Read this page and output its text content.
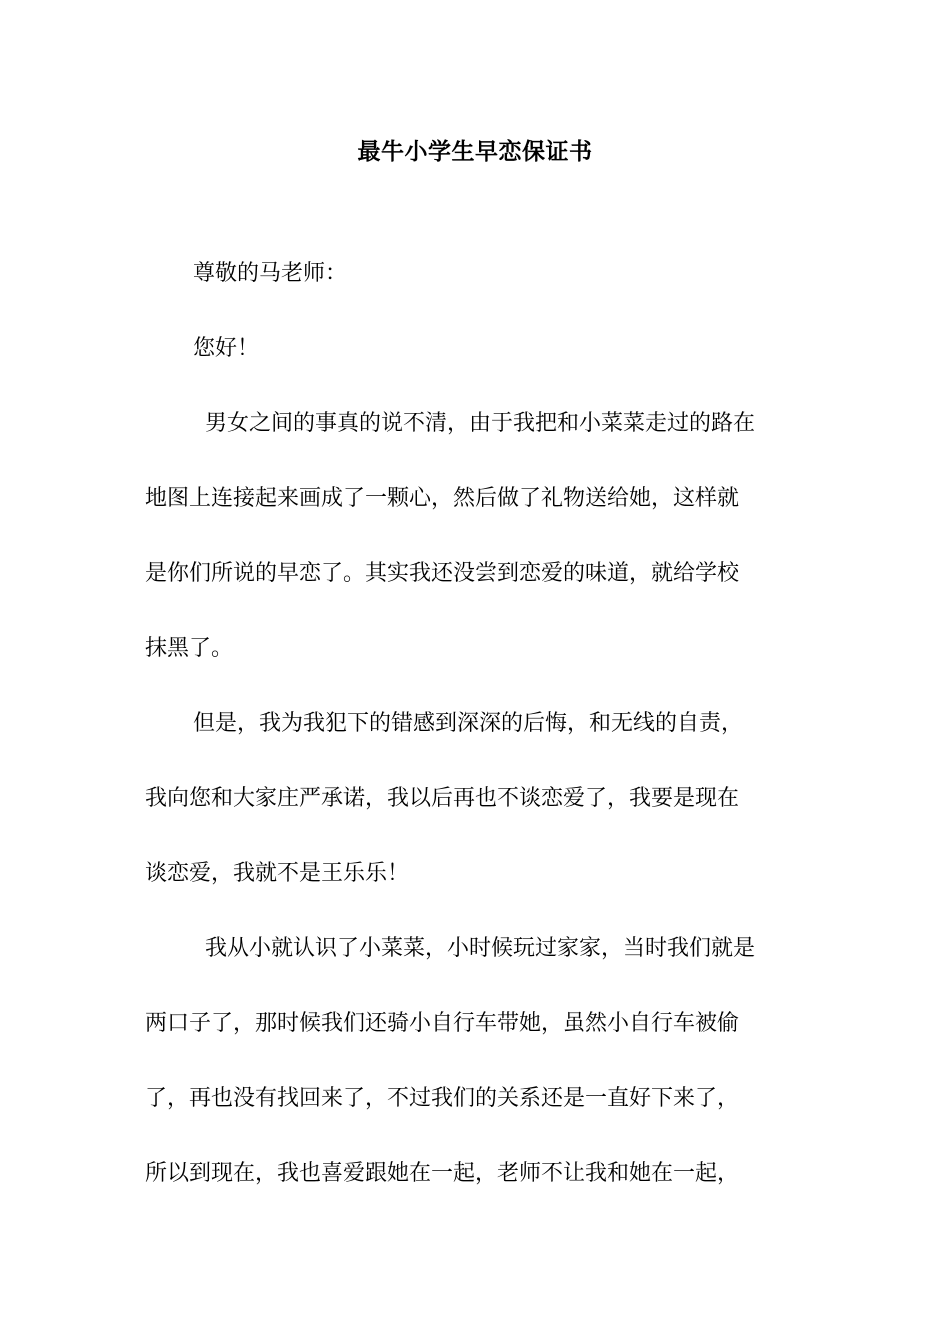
最牛小学生早恋保证书
尊敬的马老师：
您好！
男女之间的事真的说不清，由于我把和小菜菜走过的路在
地图上连接起来画成了一颗心，然后做了礼物送给她，这样就
是你们所说的早恋了。其实我还没尝到恋爱的味道，就给学校
抹黑了。
但是，我为我犯下的错感到深深的后悔，和无线的自责，
我向您和大家庄严承诺，我以后再也不谈恋爱了，我要是现在
谈恋爱，我就不是王乐乐！
我从小就认识了小菜菜，小时候玩过家家，当时我们就是
两口子了，那时候我们还骑小自行车带她，虽然小自行车被偷
了，再也没有找回来了，不过我们的关系还是一直好下来了，
所以到现在，我也喜爱跟她在一起，老师不让我和她在一起，
